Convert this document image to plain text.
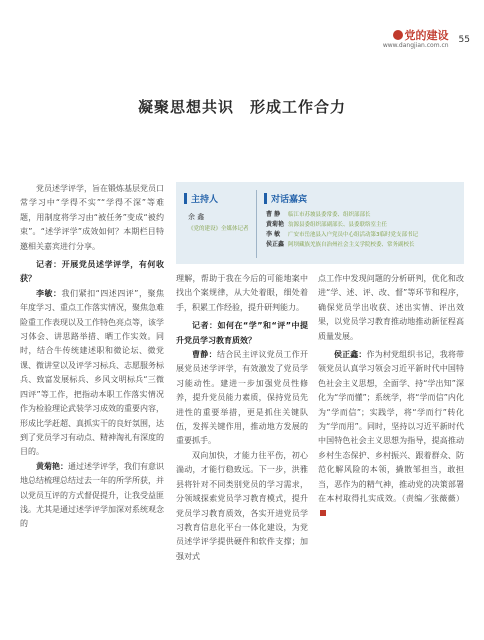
党的建设
www.dangjian.com.cn
55
凝聚思想共识　形成工作合力

党员述学评学，旨在锻炼基层党员口常学习中“学得不实”“学得不深”等难题，用制度将学习由“被任务”变成“被约束”。“述学评学”成效如何？本期栏目特邀相关嘉宾进行分享。

记者：开展党员述学评学，有何收获？

李敏：我们紧扣“四述四评”，聚焦年度学习、重点工作落实情况，聚焦急难险重工作表现以及工作特色亮点等，该学习体会、讲思路举措、晒工作实效。同时，结合牛传统建述职和微论坛、微党课、微讲堂以及评学习标兵、志愿服务标兵、致富发展标兵、乡风文明标兵“三微四评”等工作，把指动本职工作落实情况作为检验理论武装学习成效的重要内容，形成比学赶超、真抓实干的良好氛围，达到了党员学习有动点、精神淘礼有深度的目的。

黄菊艳：通过述学评学，我们有意识地总结梳理总结过去一年的所学所获，并以党员互评的方式督促提升，让我受益匪浅。尤其是通过述学评学加深对系统观念的

主持人	对话嘉宾
余 鑫
《党的建设》全媒体记者
曹 静	临江市苏坡县委常委、组织部部长
黄菊艳 翁源县委组织部副部长、县委联络室主任
李 敏	广安市岳池县入户党员中心组活动第3临时党支部书记
侯正鑫 阿坝藏族羌族自治州社会主义学院校委、常务副校长

理解，帮助于我在今后的可能地案中找出个案规律，从大处着眼，细处着手，积累工作经验，提升研判能力。

记者：如何在“学”和“评”中提升党员学习教育质效？

曹静：结合民主评议党员工作开展党员述学评学，有效激发了党员学习能动性。建进一步加强党员性修养，提升党员能力素质，保持党员先进性的重要举措，更是抓住关键队伍，发挥关键作用，推动地方发展的重要抓手。

双向加快，才能力往平伤，初心湍动，才能行稳致远。下一步，洪雅县将针对不同类别党员的学习需求，分领域探索党员学习教育模式，提升党员学习教育质效，各实开进党员学习教育信息化平台一体化建设，为党员述学评学提供硬件和软件支撑；加强对式

点工作中发现问题的分析研判，优化和改进“学、述、评、改、督”等环节和程序，确保党员学出收获、述出实情、评出效果，以党员学习教育推动地推动新征程高质量发展。

侯正鑫：作为村党组织书记，我将带领党员认真学习领会习近平新时代中国特色社会主义思想，全面学、持“学出知”深化为“学而懂”；系统学，将“学而信”内化为“学而信”；实践学，将“学而行”转化为“学而用”。同时，坚持以习近平新时代中国特色社会主义思想为指导，提高推动乡村生态保护、乡村振兴、跟着群众、防范化解风险的本领，撬散邹担当，敢担当，恶作为的精气神，推动党的决策部署在本村取得扎实成效。（责编／张薇薇）
